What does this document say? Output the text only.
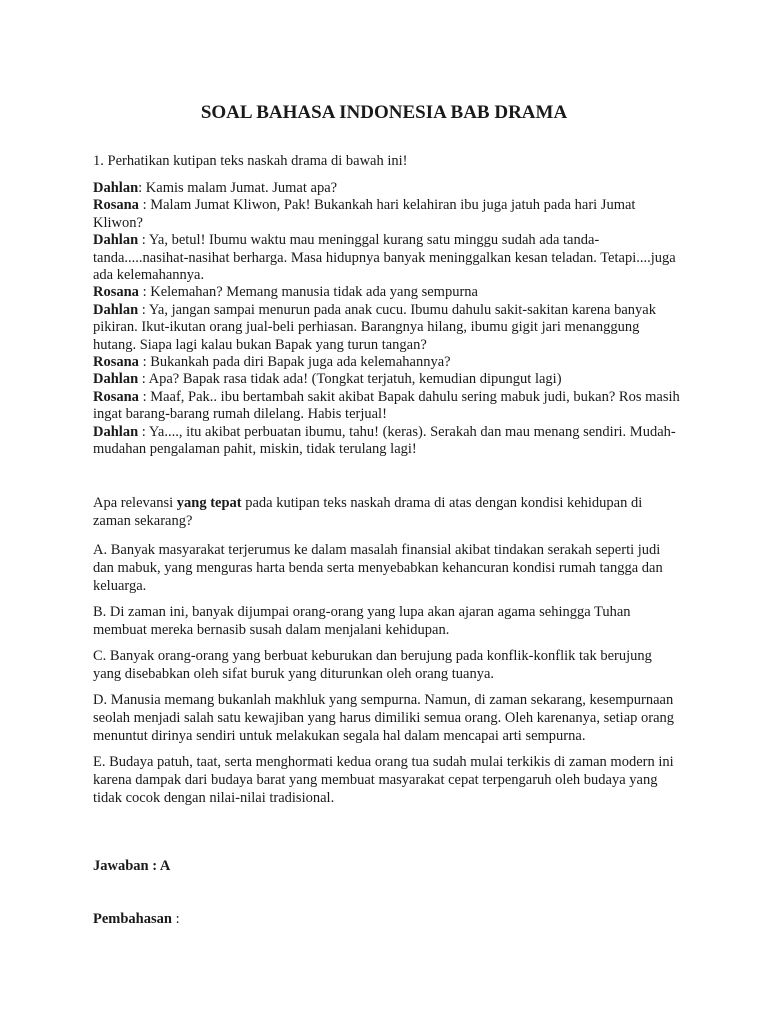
SOAL BAHASA INDONESIA BAB DRAMA
1. Perhatikan kutipan teks naskah drama di bawah ini!

Dahlan: Kamis malam Jumat. Jumat apa?

Rosana : Malam Jumat Kliwon, Pak! Bukankah hari kelahiran ibu juga jatuh pada hari Jumat Kliwon?

Dahlan : Ya, betul! Ibumu waktu mau meninggal kurang satu minggu sudah ada tanda-tanda.....nasihat-nasihat berharga. Masa hidupnya banyak meninggalkan kesan teladan. Tetapi....juga ada kelemahannya.

Rosana : Kelemahan? Memang manusia tidak ada yang sempurna

Dahlan : Ya, jangan sampai menurun pada anak cucu. Ibumu dahulu sakit-sakitan karena banyak pikiran. Ikut-ikutan orang jual-beli perhiasan. Barangnya hilang, ibumu gigit jari menanggung hutang. Siapa lagi kalau bukan Bapak yang turun tangan?

Rosana : Bukankah pada diri Bapak juga ada kelemahannya?

Dahlan : Apa? Bapak rasa tidak ada! (Tongkat terjatuh, kemudian dipungut lagi)

Rosana : Maaf, Pak.. ibu bertambah sakit akibat Bapak dahulu sering mabuk judi, bukan? Ros masih ingat barang-barang rumah dilelang. Habis terjual!

Dahlan : Ya...., itu akibat perbuatan ibumu, tahu! (keras). Serakah dan mau menang sendiri. Mudah-mudahan pengalaman pahit, miskin, tidak terulang lagi!

Apa relevansi yang tepat pada kutipan teks naskah drama di atas dengan kondisi kehidupan di zaman sekarang?

A. Banyak masyarakat terjerumus ke dalam masalah finansial akibat tindakan serakah seperti judi dan mabuk, yang menguras harta benda serta menyebabkan kehancuran kondisi rumah tangga dan keluarga.

B. Di zaman ini, banyak dijumpai orang-orang yang lupa akan ajaran agama sehingga Tuhan membuat mereka bernasib susah dalam menjalani kehidupan.

C. Banyak orang-orang yang berbuat keburukan dan berujung pada konflik-konflik tak berujung yang disebabkan oleh sifat buruk yang diturunkan oleh orang tuanya.

D. Manusia memang bukanlah makhluk yang sempurna. Namun, di zaman sekarang, kesempurnaan seolah menjadi salah satu kewajiban yang harus dimiliki semua orang. Oleh karenanya, setiap orang menuntut dirinya sendiri untuk melakukan segala hal dalam mencapai arti sempurna.

E. Budaya patuh, taat, serta menghormati kedua orang tua sudah mulai terkikis di zaman modern ini karena dampak dari budaya barat yang membuat masyarakat cepat terpengaruh oleh budaya yang tidak cocok dengan nilai-nilai tradisional.

Jawaban : A
Pembahasan :
